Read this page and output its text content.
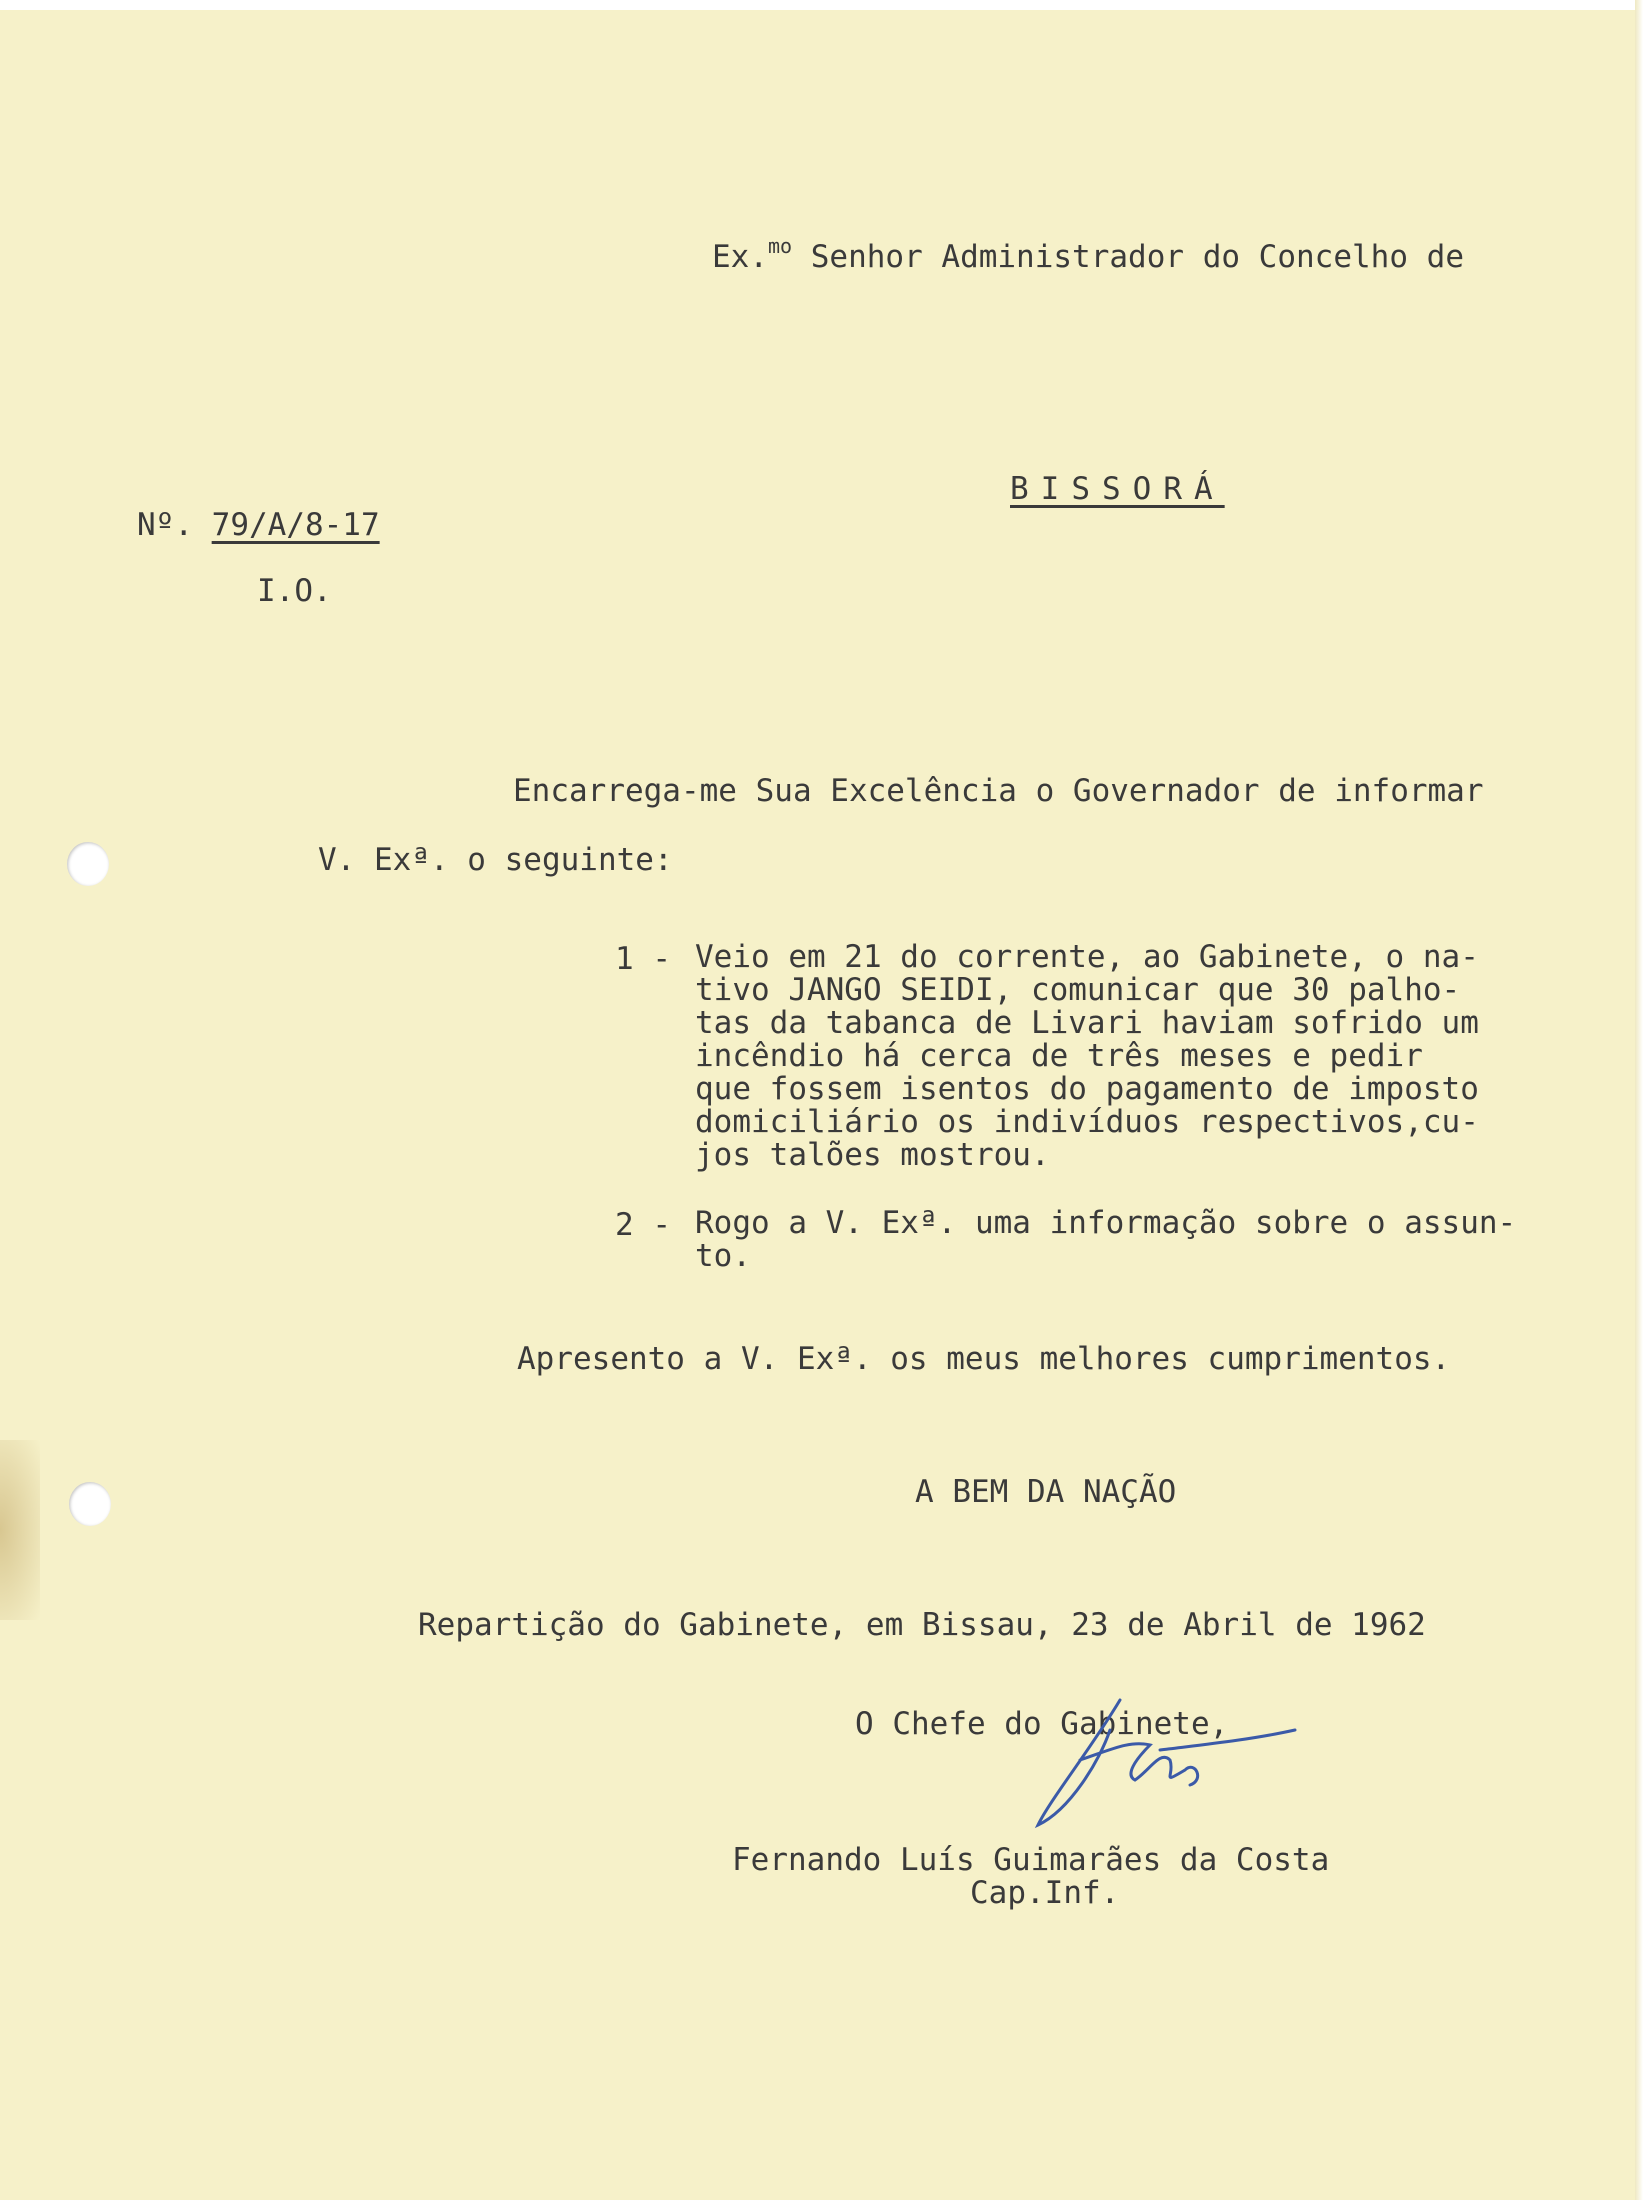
Ex.$^{mo}$ Senhor Administrador do Concelho de
BISSORÁ
Nº. 79/A/8-17
I.O.
Encarrega-me Sua Excelência o Governador de informar
V. Exª. o seguinte:
1 - Veio em 21 do corrente, ao Gabinete, o na-
tivo JANGO SEIDI, comunicar que 30 palho-
tas da tabanca de Livari haviam sofrido um
incêndio há cerca de três meses e pedir
que fossem isentos do pagamento de imposto
domiciliário os indivíduos respectivos,cu-
jos talões mostrou.
2 - Rogo a V. Exª. uma informação sobre o assun-
to.
Apresento a V. Exª. os meus melhores cumprimentos.
A BEM DA NAÇÃO
Repartição do Gabinete, em Bissau, 23 de Abril de 1962
O Chefe do Gabinete,
Fernando Luís Guimarães da Costa
Cap.Inf.
